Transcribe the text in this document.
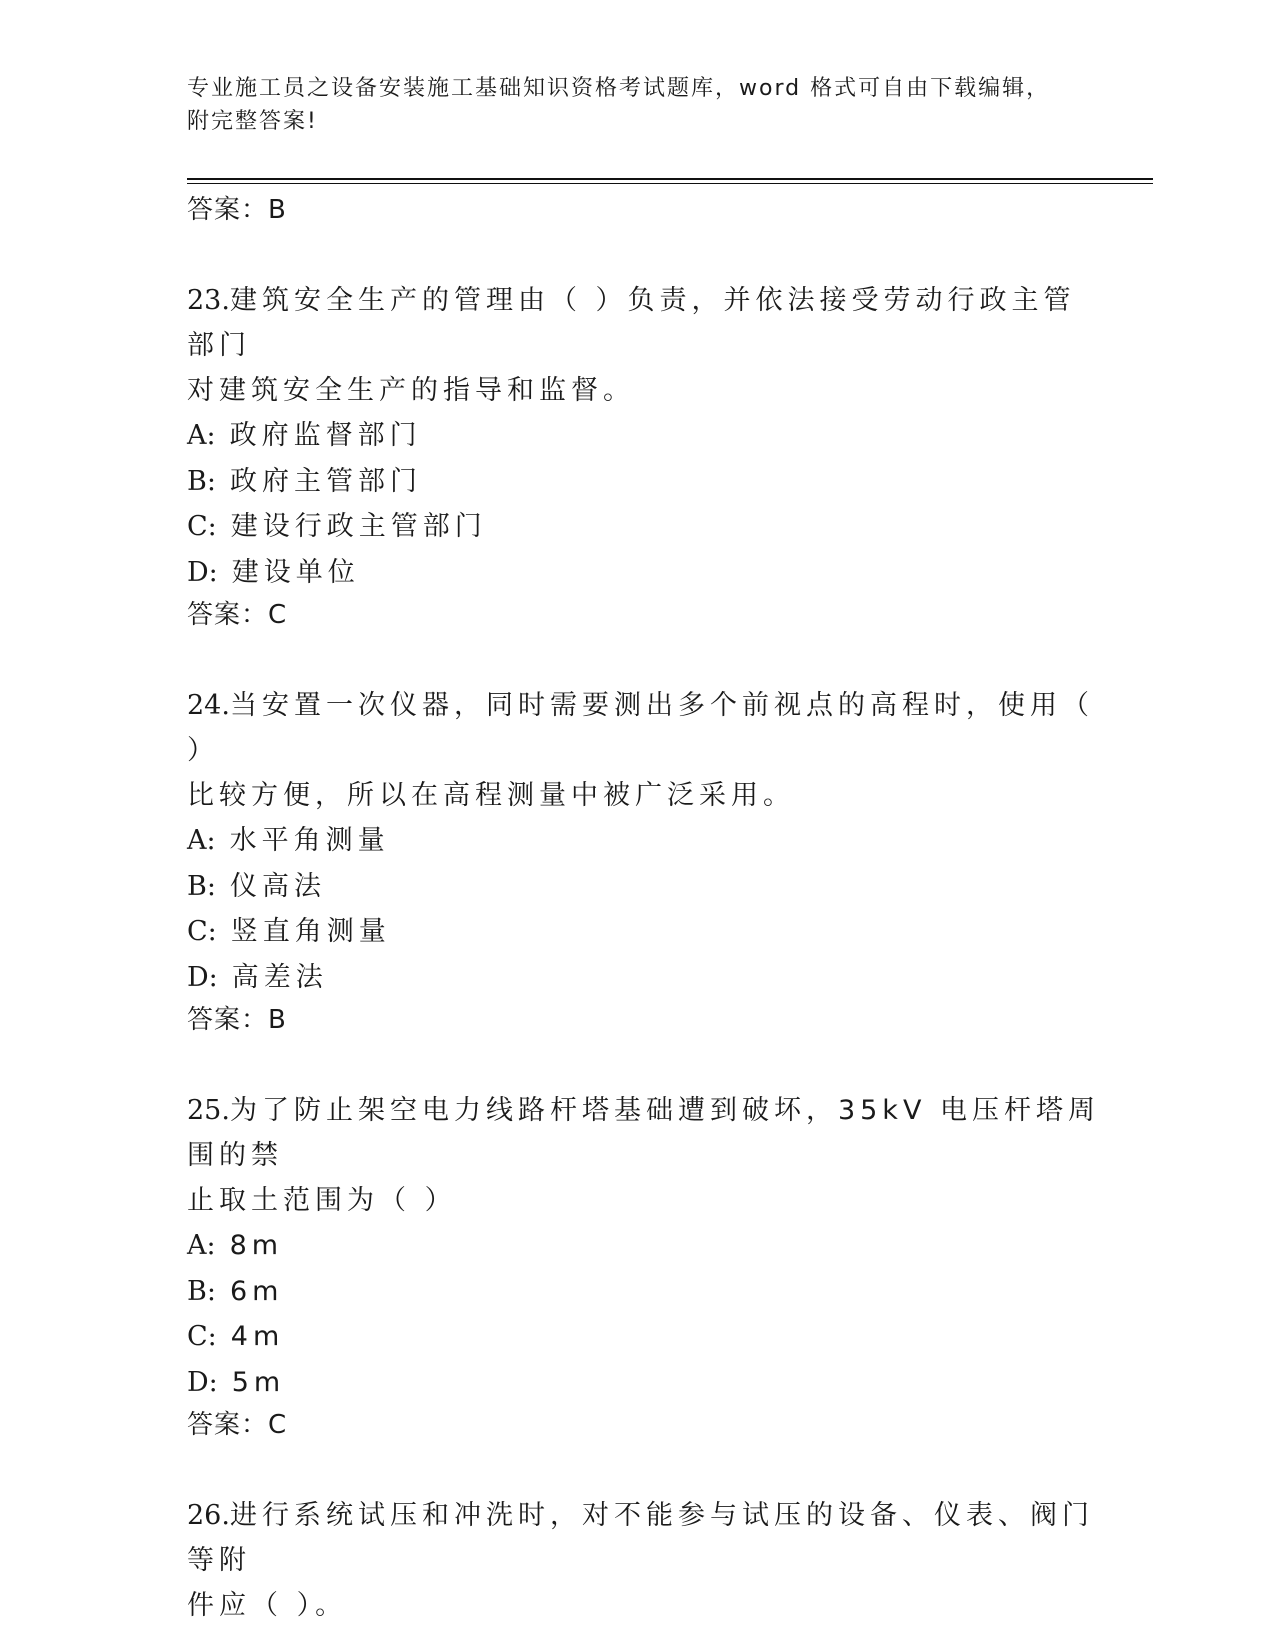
专业施工员之设备安装施工基础知识资格考试题库，word 格式可自由下载编辑，
附完整答案!
答案：B
23.建筑安全生产的管理由（ ）负责，并依法接受劳动行政主管部门
对建筑安全生产的指导和监督。
A: 政府监督部门
B: 政府主管部门
C: 建设行政主管部门
D: 建设单位
答案：C
24.当安置一次仪器，同时需要测出多个前视点的高程时，使用（ ）
比较方便，所以在高程测量中被广泛采用。
A: 水平角测量
B: 仪高法
C: 竖直角测量
D: 高差法
答案：B
25.为了防止架空电力线路杆塔基础遭到破坏，35kV 电压杆塔周围的禁
止取土范围为（ ）
A: 8m
B: 6m
C: 4m
D: 5m
答案：C
26.进行系统试压和冲洗时，对不能参与试压的设备、仪表、阀门等附
件应（ ）。
